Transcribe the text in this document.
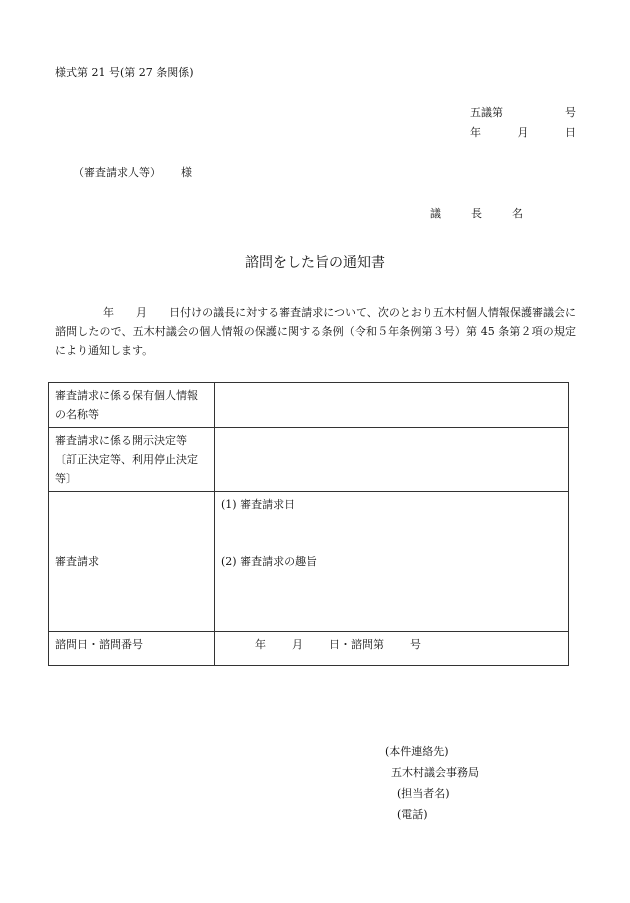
様式第 21 号(第 27 条関係)
五議第	号
年	月	日
（審査請求人等） 様
議	長	名
諮問をした旨の通知書
年　　月　　日付けの議長に対する審査請求について、次のとおり五木村個人情報保護審議会に諮問したので、五木村議会の個人情報の保護に関する条例（令和５年条例第３号）第 45 条第２項の規定により通知します。
審査請求に係る保有個人情報の名称等	
審査請求に係る開示決定等〔訂正決定等、利用停止決定等〕	
審査請求	(1) 審査請求日
(2) 審査請求の趣旨

諮問日・諮問番号	年 月 日・諮問第 号
(本件連絡先)
五木村議会事務局
(担当者名)
(電話)
